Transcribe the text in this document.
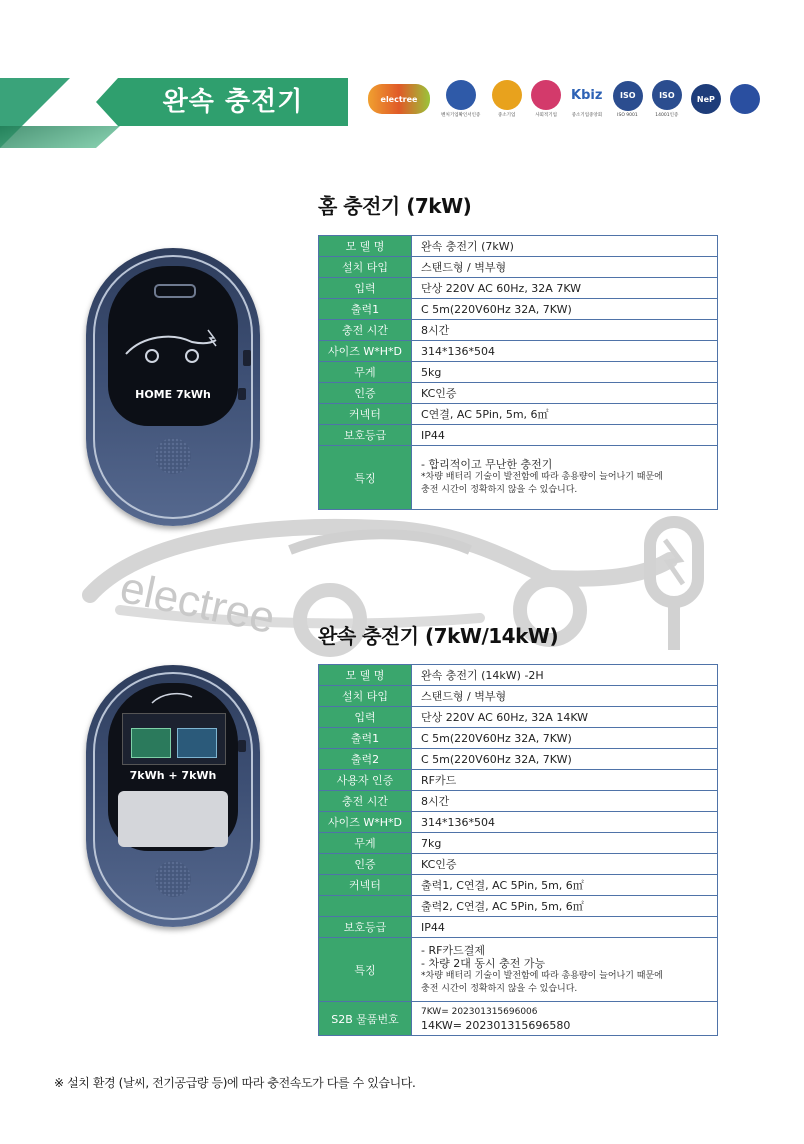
완속 충전기	electree
벤처기업확인서인증	중소기업	사회적기업
Kbiz
중소기업중앙회
ISO
ISO 9001
ISO
14001인증
NeP
electree
홈 충전기 (7kW)
HOME 7kWh
모 델 명	완속 충전기 (7kW)

설치 타입	스탠드형 / 벽부형

입력	단상 220V AC 60Hz, 32A 7KW

출력1	C 5m(220V60Hz 32A, 7KW)

충전 시간	8시간

사이즈 W*H*D	314*136*504

무게	5kg

인증	KC인증

커넥터	C연결, AC 5Pin, 5m, 6㎡

보호등급	IP44

특징	- 합리적이고 무난한 충전기
*차량 배터리 기술이 발전함에 따라 총용량이 늘어나기 때문에
충전 시간이 정확하지 않을 수 있습니다.
완속 충전기 (7kW/14kW)
7kWh + 7kWh
모 델 명	완속 충전기 (14kW) -2H

설치 타입	스탠드형 / 벽부형

입력	단상 220V AC 60Hz, 32A 14KW

출력1	C 5m(220V60Hz 32A, 7KW)

출력2	C 5m(220V60Hz 32A, 7KW)

사용자 인증	RF카드

충전 시간	8시간

사이즈 W*H*D	314*136*504

무게	7kg

인증	KC인증

커넥터	출력1, C연결, AC 5Pin, 5m, 6㎡

	출력2, C연결, AC 5Pin, 5m, 6㎡

보호등급	IP44

특징	- RF카드결제
- 차량 2대 동시 충전 가능
*차량 배터리 기술이 발전함에 따라 총용량이 늘어나기 때문에
충전 시간이 정확하지 않을 수 있습니다.

S2B 물품번호	7KW= 202301315696006
14KW= 202301315696580
※ 설치 환경 (날씨, 전기공급량 등)에 따라 충전속도가 다를 수 있습니다.
